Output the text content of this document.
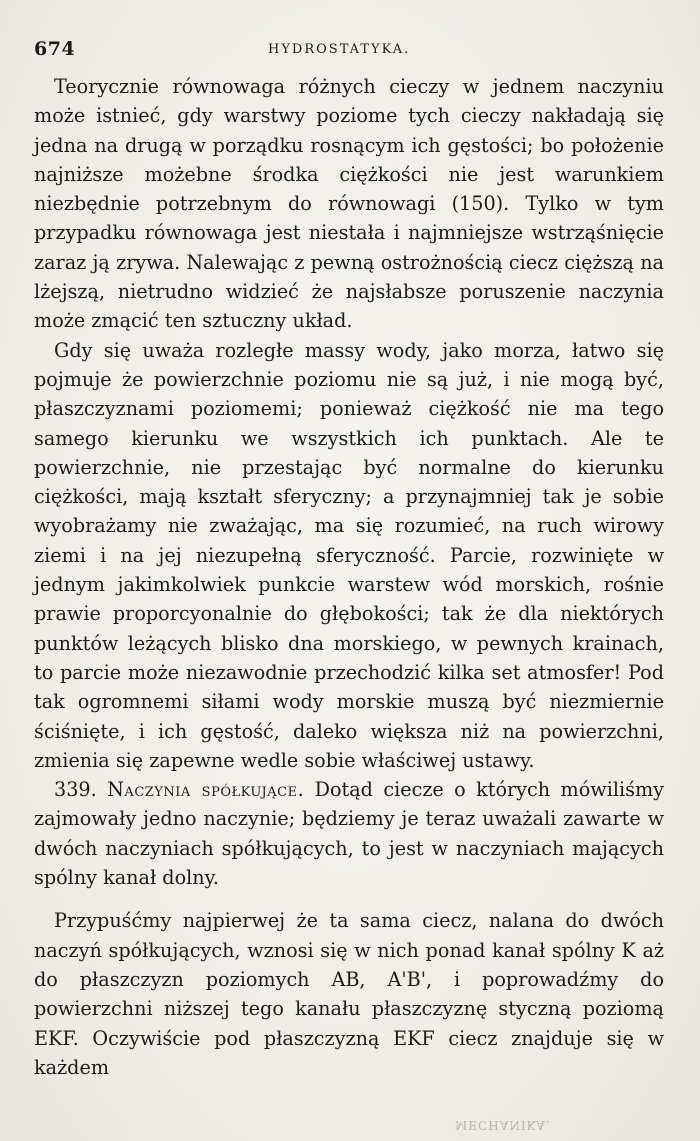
674	HYDROSTATYKA.

Teorycznie równowaga różnych cieczy w jednem naczyniu może istnieć, gdy warstwy poziome tych cieczy nakładają się jedna na drugą w porządku rosnącym ich gęstości; bo położenie najniższe możebne środka ciężkości nie jest warunkiem niezbędnie potrzebnym do równowagi (150). Tylko w tym przypadku równowaga jest niestała i najmniejsze wstrząśnięcie zaraz ją zrywa. Nalewając z pewną ostrożnością ciecz cięższą na lżejszą, nietrudno widzieć że najsłabsze poruszenie naczynia może zmącić ten sztuczny układ.

Gdy się uważa rozległe massy wody, jako morza, łatwo się pojmuje że powierzchnie poziomu nie są już, i nie mogą być, płaszczyznami poziomemi; ponieważ ciężkość nie ma tego samego kierunku we wszystkich ich punktach. Ale te powierzchnie, nie przestając być normalne do kierunku ciężkości, mają kształt sferyczny; a przynajmniej tak je sobie wyobrażamy nie zważając, ma się rozumieć, na ruch wirowy ziemi i na jej niezupełną sferyczność. Parcie, rozwinięte w jednym jakimkolwiek punkcie warstew wód morskich, rośnie prawie proporcyonalnie do głębokości; tak że dla niektórych punktów leżących blisko dna morskiego, w pewnych krainach, to parcie może niezawodnie przechodzić kilka set atmosfer! Pod tak ogromnemi siłami wody morskie muszą być niezmiernie ściśnięte, i ich gęstość, daleko większa niż na powierzchni, zmienia się zapewne wedle sobie właściwej ustawy.

339. Naczynia spółkujące. Dotąd ciecze o których mówiliśmy zajmowały jedno naczynie; będziemy je teraz uważali zawarte w dwóch naczyniach spółkujących, to jest w naczyniach mających spólny kanał dolny.

Przypuśćmy najpierwej że ta sama ciecz, nalana do dwóch naczyń spółkujących, wznosi się w nich ponad kanał spólny K aż do płaszczyzn poziomych AB, A'B', i poprowadźmy do powierzchni niższej tego kanału płaszczyznę styczną poziomą EKF. Oczywiście pod płaszczyzną EKF ciecz znajduje się w każdem

MECHANIKA.
